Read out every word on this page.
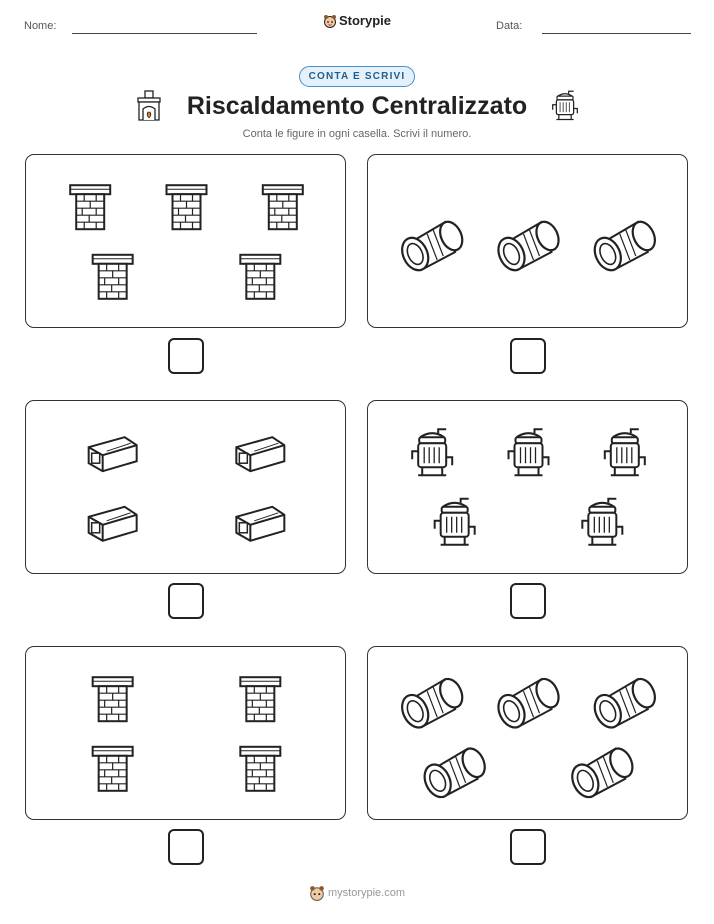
Nome:	Storypie	Data:
CONTA E SCRIVI
Riscaldamento Centralizzato
Conta le figure in ogni casella. Scrivi il numero.
mystorypie.com
